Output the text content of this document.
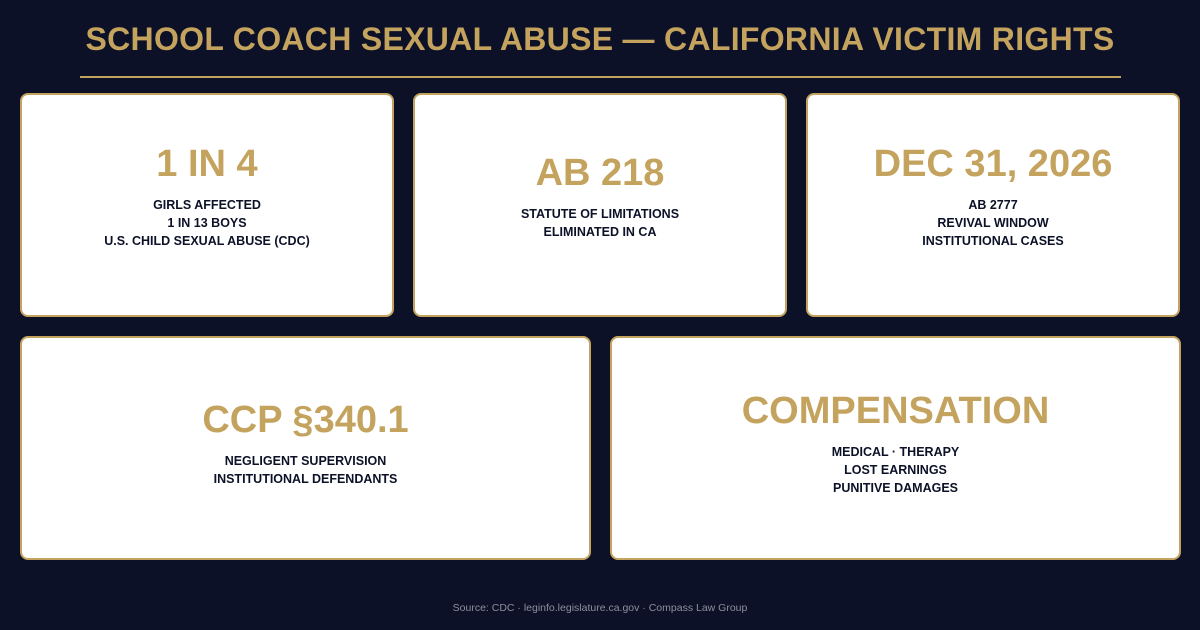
SCHOOL COACH SEXUAL ABUSE — CALIFORNIA VICTIM RIGHTS
1 IN 4
GIRLS AFFECTED
1 IN 13 BOYS
U.S. CHILD SEXUAL ABUSE (CDC)
AB 218
STATUTE OF LIMITATIONS
ELIMINATED IN CA
DEC 31, 2026
AB 2777
REVIVAL WINDOW
INSTITUTIONAL CASES
CCP §340.1
NEGLIGENT SUPERVISION
INSTITUTIONAL DEFENDANTS
COMPENSATION
MEDICAL · THERAPY
LOST EARNINGS
PUNITIVE DAMAGES
Source: CDC · leginfo.legislature.ca.gov · Compass Law Group
